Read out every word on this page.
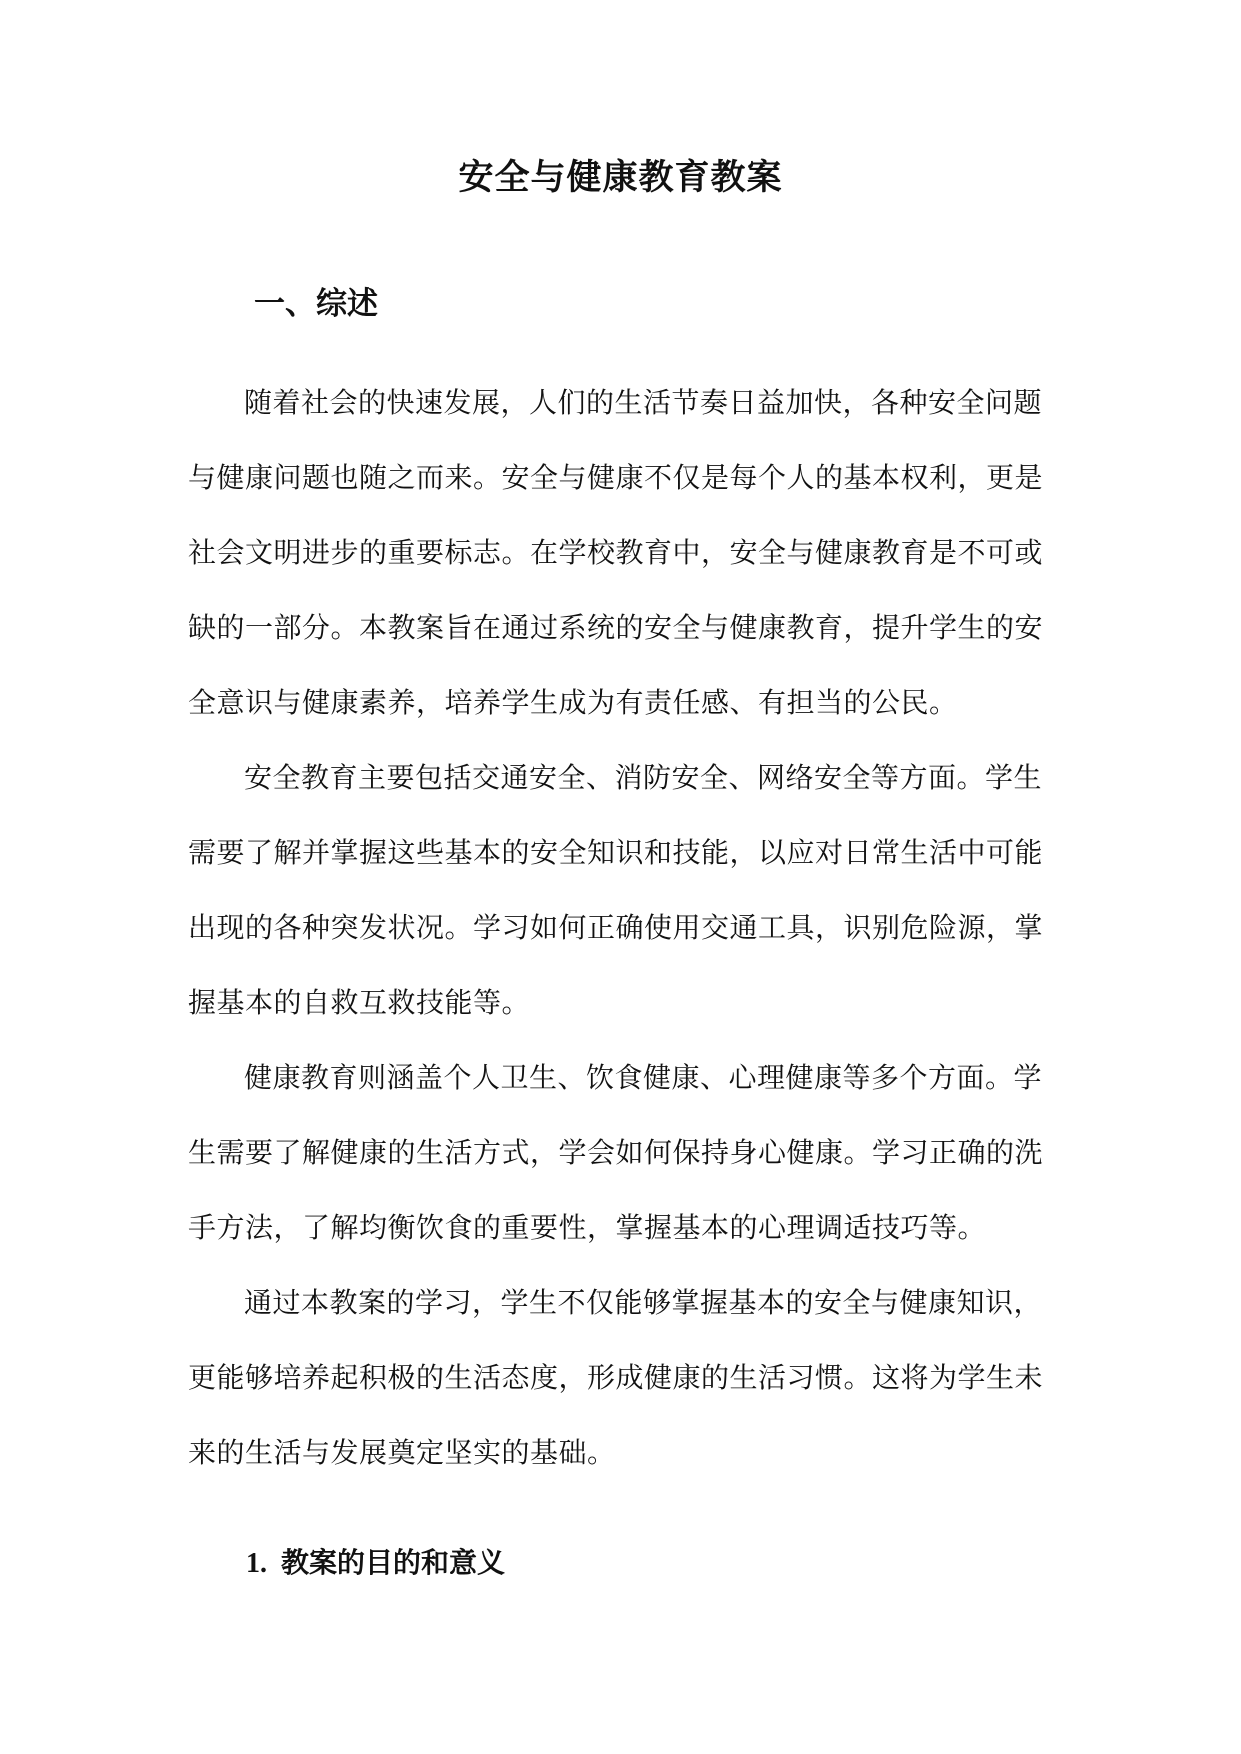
安全与健康教育教案
一、综述

随着社会的快速发展，人们的生活节奏日益加快，各种安全问题
与健康问题也随之而来。安全与健康不仅是每个人的基本权利，更是
社会文明进步的重要标志。在学校教育中，安全与健康教育是不可或
缺的一部分。本教案旨在通过系统的安全与健康教育，提升学生的安
全意识与健康素养，培养学生成为有责任感、有担当的公民。

安全教育主要包括交通安全、消防安全、网络安全等方面。学生
需要了解并掌握这些基本的安全知识和技能，以应对日常生活中可能
出现的各种突发状况。学习如何正确使用交通工具，识别危险源，掌
握基本的自救互救技能等。

健康教育则涵盖个人卫生、饮食健康、心理健康等多个方面。学
生需要了解健康的生活方式，学会如何保持身心健康。学习正确的洗
手方法，了解均衡饮食的重要性，掌握基本的心理调适技巧等。

通过本教案的学习，学生不仅能够掌握基本的安全与健康知识，
更能够培养起积极的生活态度，形成健康的生活习惯。这将为学生未
来的生活与发展奠定坚实的基础。

1. 教案的目的和意义
